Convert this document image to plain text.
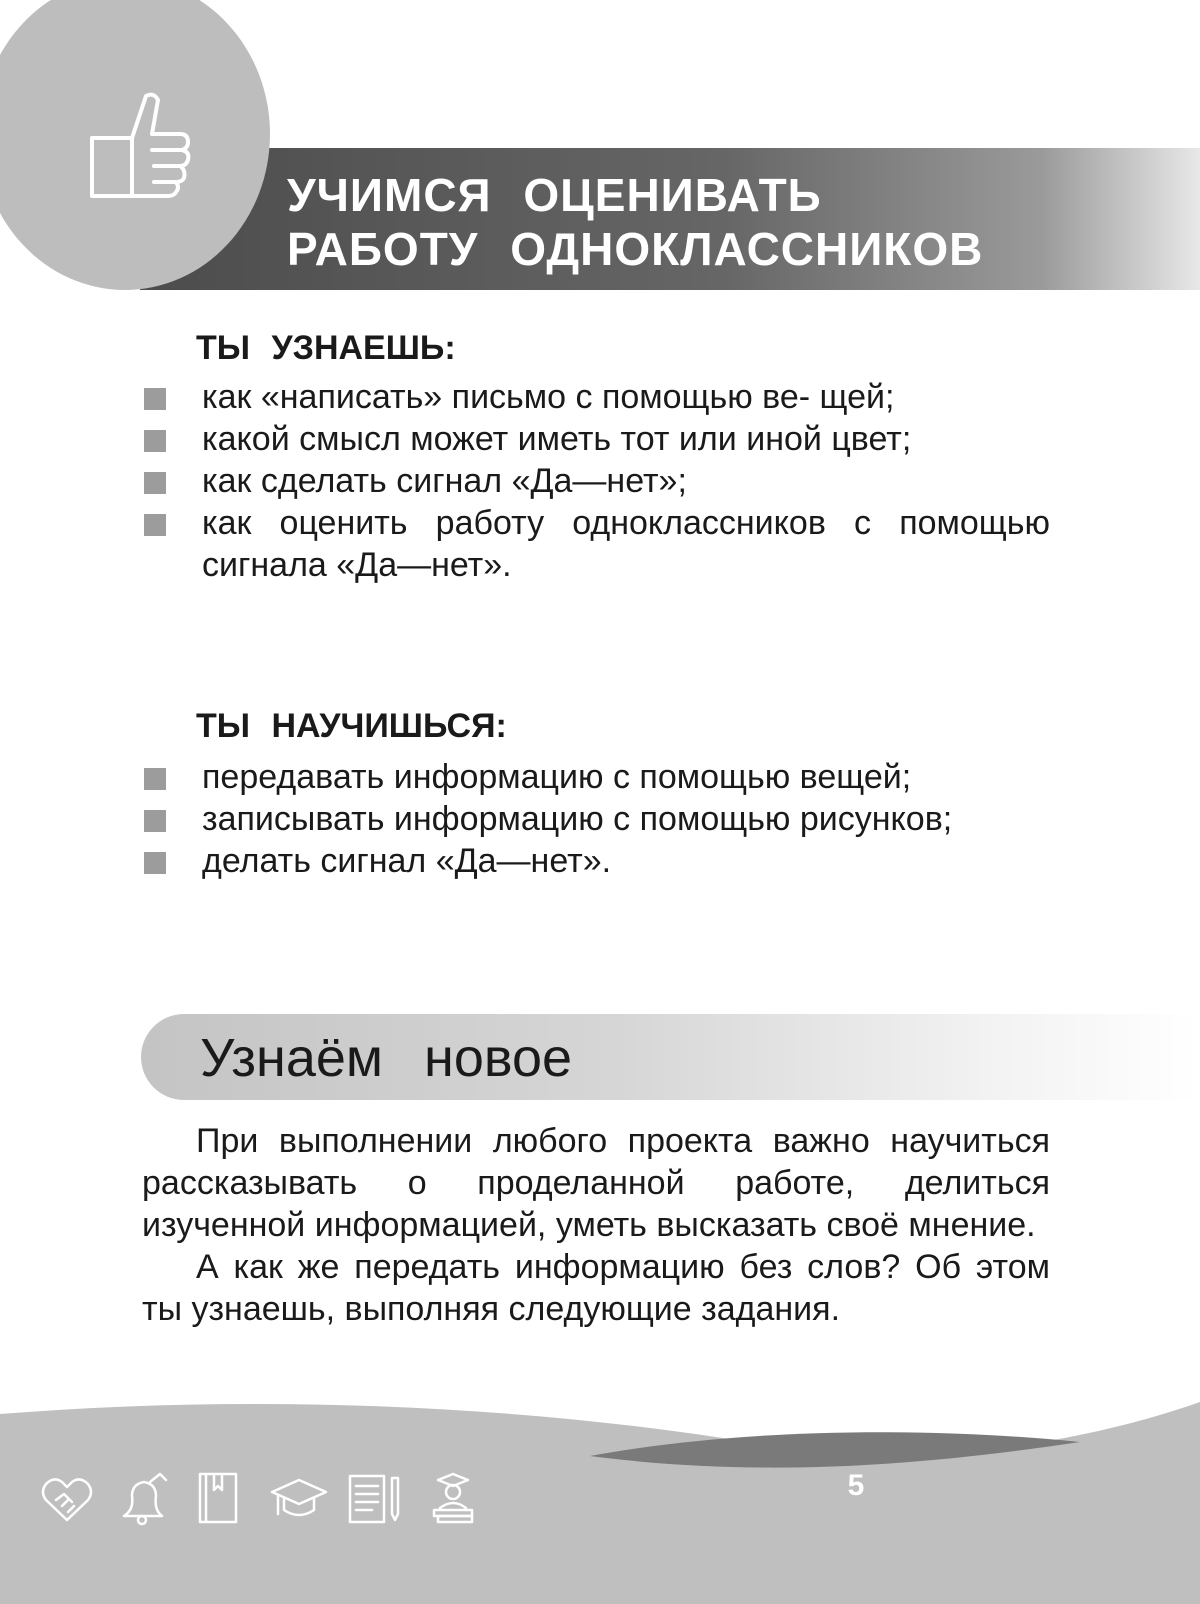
УЧИМСЯ ОЦЕНИВАТЬ
РАБОТУ ОДНОКЛАССНИКОВ
ТЫ УЗНАЕШЬ:
как «написать» письмо с помощью ве- щей;
какой смысл может иметь тот или иной цвет;
как сделать сигнал «Да—нет»;
как оценить работу одноклассников с помощью сигнала «Да—нет».
ТЫ НАУЧИШЬСЯ:
передавать информацию с помощью вещей;
записывать информацию с помощью рисунков;
делать сигнал «Да—нет».
Узнаём новое

При выполнении любого проекта важно научиться рассказывать о проделанной работе, делиться изученной информацией, уметь высказать своё мнение.

А как же передать информацию без слов? Об этом ты узнаешь, выполняя следующие задания.

5
